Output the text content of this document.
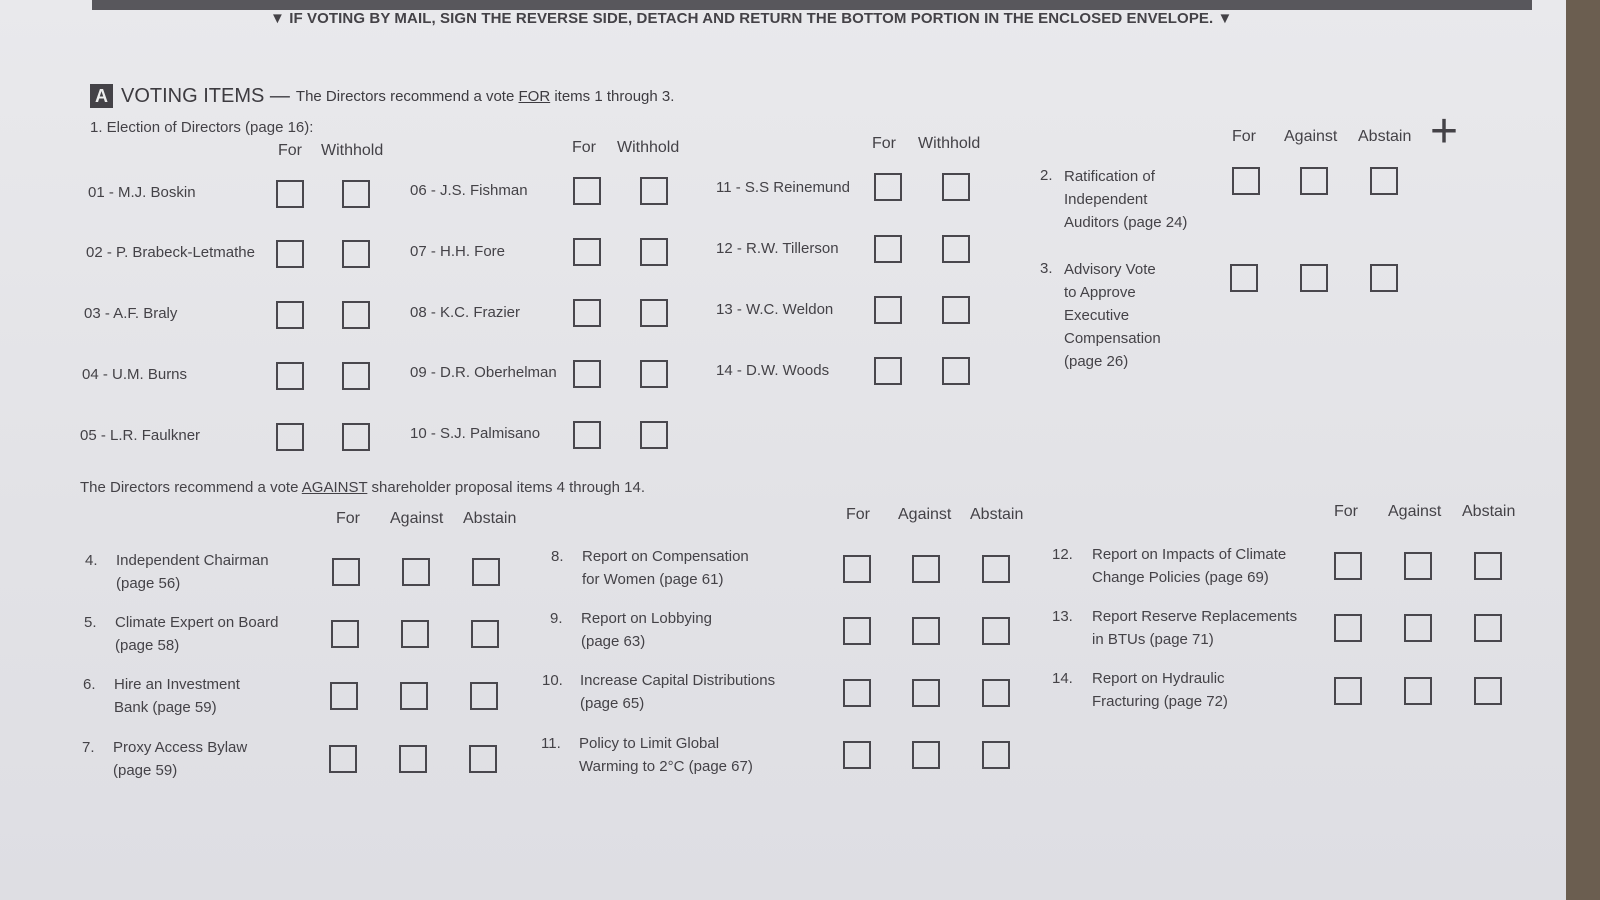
▼ IF VOTING BY MAIL, SIGN THE REVERSE SIDE, DETACH AND RETURN THE BOTTOM PORTION IN THE ENCLOSED ENVELOPE. ▼
A VOTING ITEMS — The Directors recommend a vote FOR items 1 through 3.
1. Election of Directors (page 16):
For Withhold	For Withhold	For Withhold
01 - M.J. Boskin
02 - P. Brabeck-Letmathe
03 - A.F. Braly
04 - U.M. Burns
05 - L.R. Faulkner
06 - J.S. Fishman
07 - H.H. Fore
08 - K.C. Frazier
09 - D.R. Oberhelman
10 - S.J. Palmisano
11 - S.S Reinemund
12 - R.W. Tillerson
13 - W.C. Weldon
14 - D.W. Woods
For Against Abstain +
2. Ratification of
Independent
Auditors (page 24)
3. Advisory Vote
to Approve
Executive
Compensation
(page 26)
The Directors recommend a vote AGAINST shareholder proposal items 4 through 14.
For Against Abstain	For Against Abstain	For Against Abstain
4. Independent Chairman
(page 56)
5. Climate Expert on Board
(page 58)
6. Hire an Investment
Bank (page 59)
7. Proxy Access Bylaw
(page 59)
8. Report on Compensation
for Women (page 61)
9. Report on Lobbying
(page 63)
10. Increase Capital Distributions
(page 65)
11. Policy to Limit Global
Warming to 2°C (page 67)
12. Report on Impacts of Climate
Change Policies (page 69)
13. Report Reserve Replacements
in BTUs (page 71)
14. Report on Hydraulic
Fracturing (page 72)
